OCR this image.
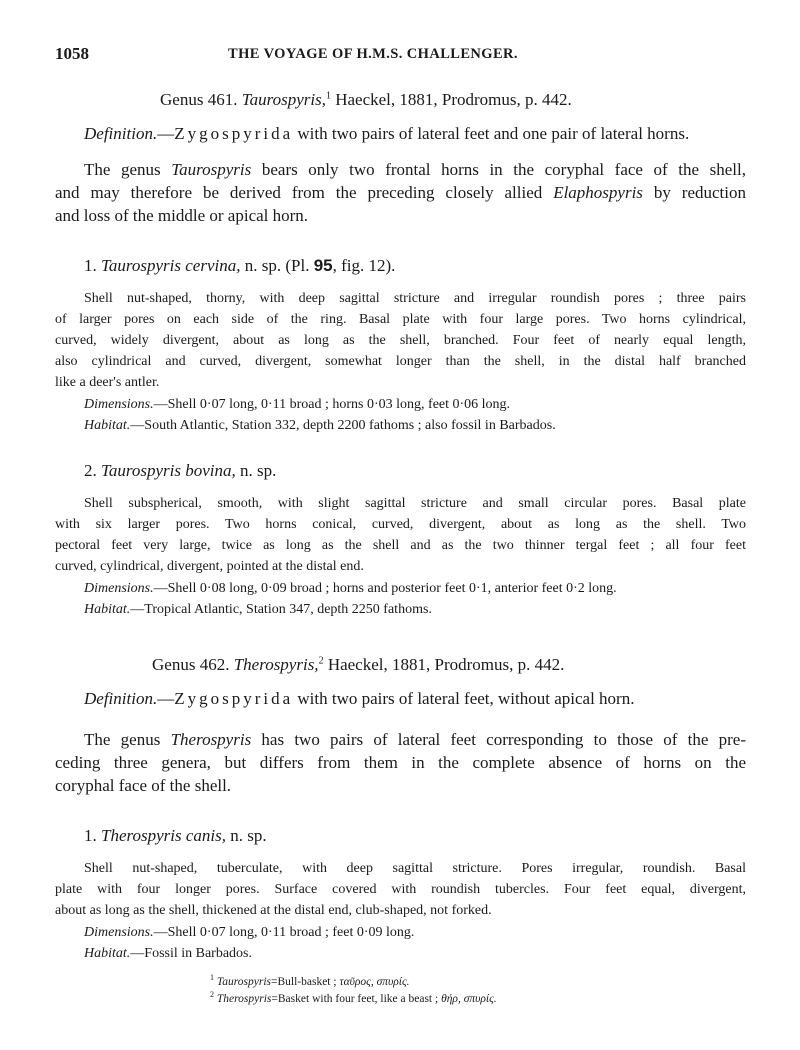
1058	THE VOYAGE OF H.M.S. CHALLENGER.
Genus 461. Taurospyris,$^1$ Haeckel, 1881, Prodromus, p. 442.
Definition.—Zygospyrida with two pairs of lateral feet and one pair of lateral horns.
The genus Taurospyris bears only two frontal horns in the coryphal face of the shell,
and may therefore be derived from the preceding closely allied Elaphospyris by reduction
and loss of the middle or apical horn.
1. Taurospyris cervina, n. sp. (Pl. 95, fig. 12).
Shell nut-shaped, thorny, with deep sagittal stricture and irregular roundish pores ; three pairs
of larger pores on each side of the ring. Basal plate with four large pores. Two horns cylindrical,
curved, widely divergent, about as long as the shell, branched. Four feet of nearly equal length,
also cylindrical and curved, divergent, somewhat longer than the shell, in the distal half branched
like a deer's antler.
Dimensions.—Shell 0·07 long, 0·11 broad ; horns 0·03 long, feet 0·06 long.
Habitat.—South Atlantic, Station 332, depth 2200 fathoms ; also fossil in Barbados.
2. Taurospyris bovina, n. sp.
Shell subspherical, smooth, with slight sagittal stricture and small circular pores. Basal plate
with six larger pores. Two horns conical, curved, divergent, about as long as the shell. Two
pectoral feet very large, twice as long as the shell and as the two thinner tergal feet ; all four feet
curved, cylindrical, divergent, pointed at the distal end.
Dimensions.—Shell 0·08 long, 0·09 broad ; horns and posterior feet 0·1, anterior feet 0·2 long.
Habitat.—Tropical Atlantic, Station 347, depth 2250 fathoms.
Genus 462. Therospyris,$^2$ Haeckel, 1881, Prodromus, p. 442.
Definition.—Zygospyrida with two pairs of lateral feet, without apical horn.
The genus Therospyris has two pairs of lateral feet corresponding to those of the pre-
ceding three genera, but differs from them in the complete absence of horns on the
coryphal face of the shell.
1. Therospyris canis, n. sp.
Shell nut-shaped, tuberculate, with deep sagittal stricture. Pores irregular, roundish. Basal
plate with four longer pores. Surface covered with roundish tubercles. Four feet equal, divergent,
about as long as the shell, thickened at the distal end, club-shaped, not forked.
Dimensions.—Shell 0·07 long, 0·11 broad ; feet 0·09 long.
Habitat.—Fossil in Barbados.
$^1$ Taurospyris=Bull-basket ; ταῦρος, σπυρίς.
$^2$ Therospyris=Basket with four feet, like a beast ; θήρ, σπυρίς.
